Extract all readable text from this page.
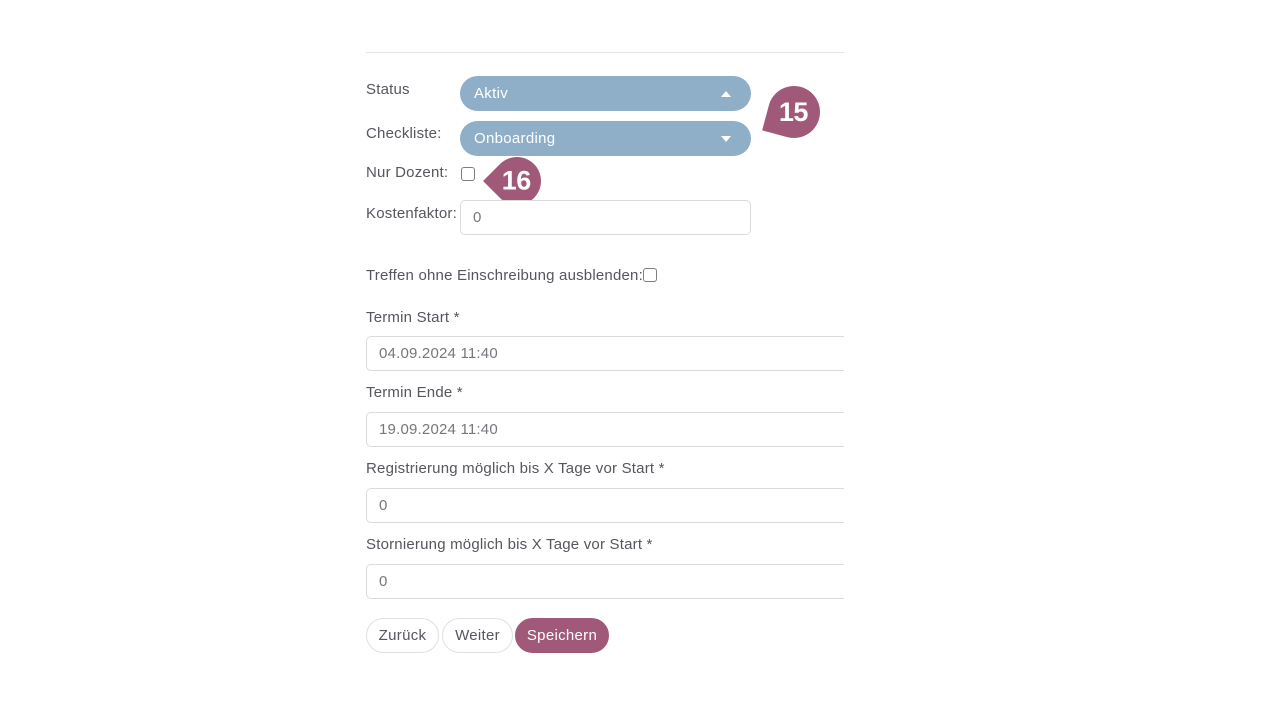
Status	Aktiv
Checkliste: Onboarding
15
Nur Dozent: 16
Kostenfaktor:
0
Treffen ohne Einschreibung ausblenden:
Termin Start *
04.09.2024 11:40
Termin Ende *
19.09.2024 11:40
Registrierung möglich bis X Tage vor Start *
0
Stornierung möglich bis X Tage vor Start *
0
Zurück	Weiter	Speichern
